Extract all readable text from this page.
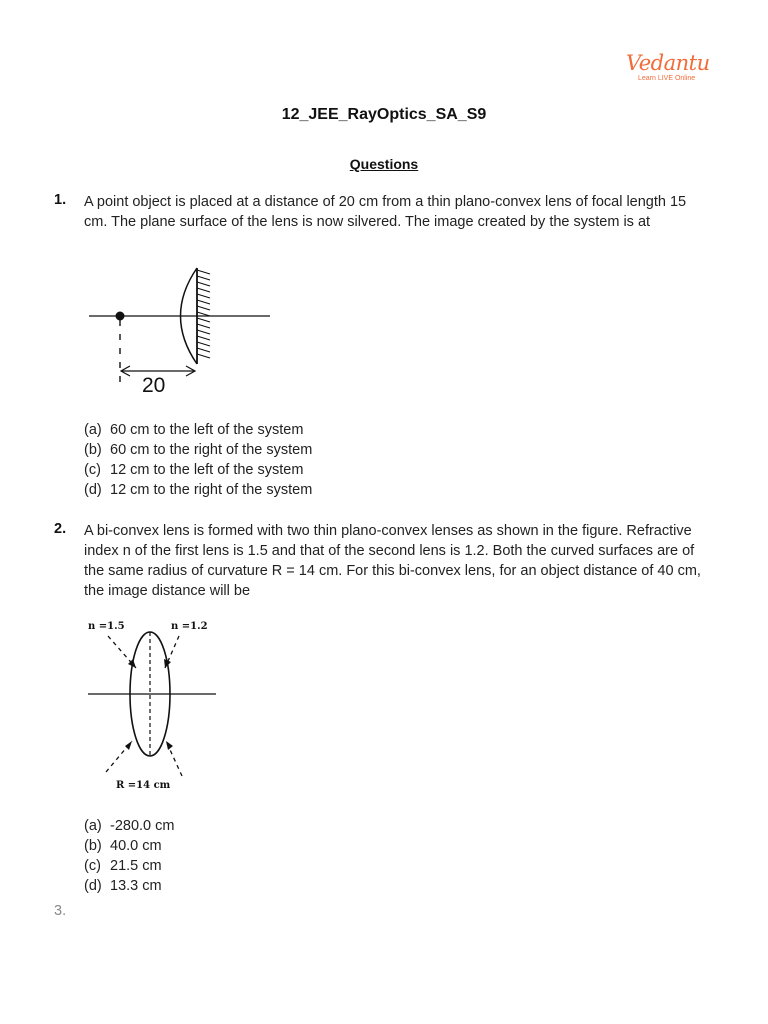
Vedantu
Learn LIVE Online
12_JEE_RayOptics_SA_S9
Questions
1. A point object is placed at a distance of 20 cm from a thin plano-convex lens of focal length 15 cm. The plane surface of the lens is now silvered. The image created by the system is at
20
(a) 60 cm to the left of the system
(b) 60 cm to the right of the system
(c) 12 cm to the left of the system
(d) 12 cm to the right of the system
2. A bi-convex lens is formed with two thin plano-convex lenses as shown in the figure. Refractive index n of the first lens is 1.5 and that of the second lens is 1.2. Both the curved surfaces are of the same radius of curvature R = 14 cm. For this bi-convex lens, for an object distance of 40 cm, the image distance will be
n =1.5	n =1.2
R =14 cm
(a) -280.0 cm
(b) 40.0 cm
(c) 21.5 cm
(d) 13.3 cm
3.
